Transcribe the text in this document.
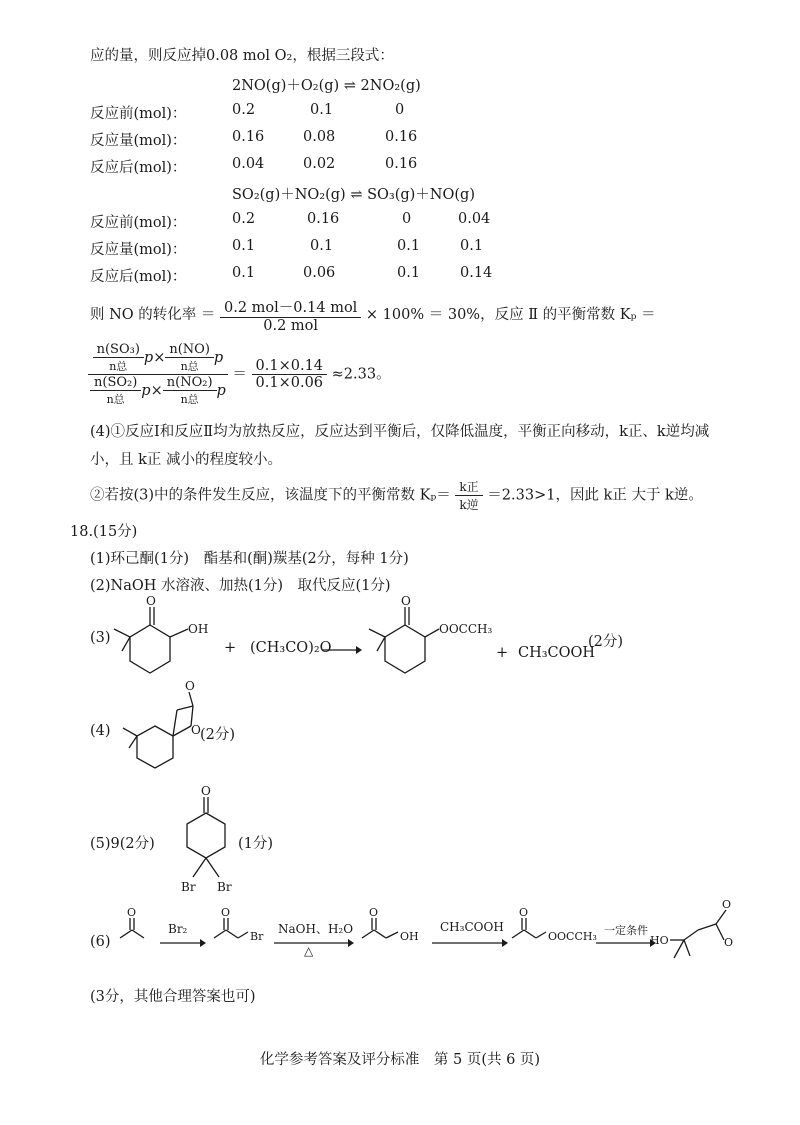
应的量，则反应掉0.08 mol O₂，根据三段式：
2NO(g)＋O₂(g) ⇌ 2NO₂(g)
反应前(mol)：	0.2	0.1	0
反应量(mol)：	0.16	0.08	0.16
反应后(mol)：	0.04	0.02	0.16
SO₂(g)＋NO₂(g) ⇌ SO₃(g)＋NO(g)
反应前(mol)：	0.2	0.16	0	0.04
反应量(mol)：	0.1	0.1	0.1	0.1
反应后(mol)：	0.1	0.06	0.1	0.14
则 NO 的转化率 ＝ $\frac{\text{0.2 mol－0.14 mol}}{\text{0.2 mol}} \times 100\% = 30\%$，反应 Ⅱ 的平衡常数 Kₚ ＝
$\frac{\frac{\text{n(SO₃)}}{\text{n总}} p\times \frac{n(NO)}{\text{n总}} p}{\frac{\text{n(SO₂)}}{\text{n总}} p\times \frac{\text{n(NO₂)}}{\text{n总}} p} = \frac{0.1\times 0.14}{0.1\times 0.06} \approx 2.33$。
(4)①反应Ⅰ和反应Ⅱ均为放热反应，反应达到平衡后，仅降低温度，平衡正向移动，k正、k逆均减
小，且 k正 减小的程度较小。
②若按(3)中的条件发生反应，该温度下的平衡常数 $K_p= \frac{\text{k正}}{\text{k逆}} =2.33>1$，因此 k正 大于 k逆。
18.(15分)
(1)环己酮(1分)　酯基和(酮)羰基(2分，每种 1分)
(2)NaOH 水溶液、加热(1分)　取代反应(1分)
(3)
O
OH
+ (CH₃CO)₂O
O
OOCCH₃
+ CH₃COOH
(2分)
(4)
O
O (2分)
(5)9(2分)
O
Br Br
(1分)
(6)
O
Br₂
O
Br
NaOH、H₂O
△
O
OH
CH₃COOH
O
OOCCH₃ 一定条件
HO
O
O
(3分，其他合理答案也可)
化学参考答案及评分标准　第 5 页(共 6 页)
